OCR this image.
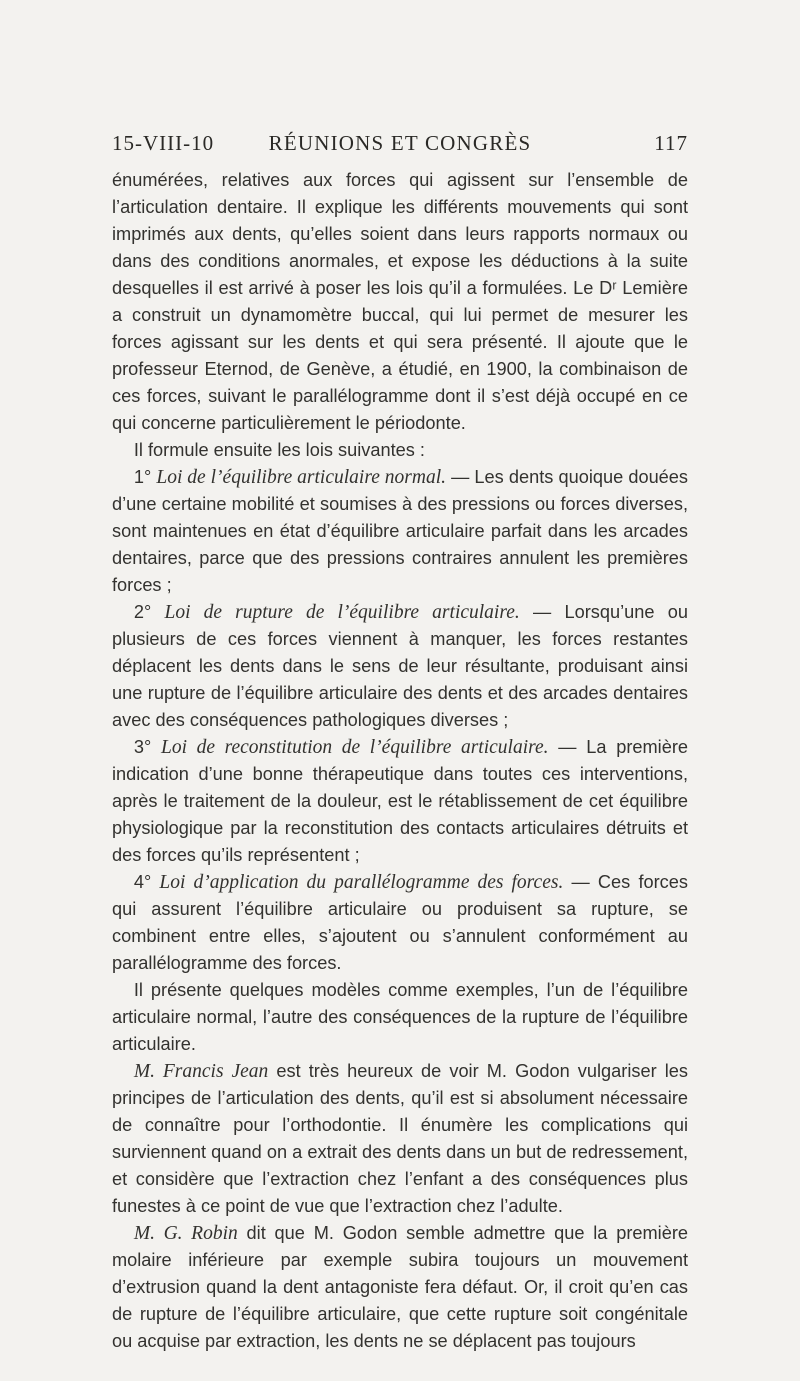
15-VIII-10	RÉUNIONS ET CONGRÈS	117

énumérées, relatives aux forces qui agissent sur l’ensemble de l’articulation dentaire. Il explique les différents mouvements qui sont imprimés aux dents, qu’elles soient dans leurs rapports normaux ou dans des conditions anormales, et expose les déductions à la suite desquelles il est arrivé à poser les lois qu’il a formulées. Le Dʳ Lemière a construit un dynamomètre buccal, qui lui permet de mesurer les forces agissant sur les dents et qui sera présenté. Il ajoute que le professeur Eternod, de Genève, a étudié, en 1900, la combinaison de ces forces, suivant le parallélogramme dont il s’est déjà occupé en ce qui concerne particulièrement le périodonte.

Il formule ensuite les lois suivantes :

1° Loi de l’équilibre articulaire normal. — Les dents quoique douées d’une certaine mobilité et soumises à des pressions ou forces diverses, sont maintenues en état d’équilibre articulaire parfait dans les arcades dentaires, parce que des pressions contraires annulent les premières forces ;

2° Loi de rupture de l’équilibre articulaire. — Lorsqu’une ou plusieurs de ces forces viennent à manquer, les forces restantes déplacent les dents dans le sens de leur résultante, produisant ainsi une rupture de l’équilibre articulaire des dents et des arcades dentaires avec des conséquences pathologiques diverses ;

3° Loi de reconstitution de l’équilibre articulaire. — La première indication d’une bonne thérapeutique dans toutes ces interventions, après le traitement de la douleur, est le rétablissement de cet équilibre physiologique par la reconstitution des contacts articulaires détruits et des forces qu’ils représentent ;

4° Loi d’application du parallélogramme des forces. — Ces forces qui assurent l’équilibre articulaire ou produisent sa rupture, se combinent entre elles, s’ajoutent ou s’annulent conformément au parallélogramme des forces.

Il présente quelques modèles comme exemples, l’un de l’équilibre articulaire normal, l’autre des conséquences de la rupture de l’équilibre articulaire.

M. Francis Jean est très heureux de voir M. Godon vulgariser les principes de l’articulation des dents, qu’il est si absolument nécessaire de connaître pour l’orthodontie. Il énumère les complications qui surviennent quand on a extrait des dents dans un but de redressement, et considère que l’extraction chez l’enfant a des conséquences plus funestes à ce point de vue que l’extraction chez l’adulte.

M. G. Robin dit que M. Godon semble admettre que la première molaire inférieure par exemple subira toujours un mouvement d’extrusion quand la dent antagoniste fera défaut. Or, il croit qu’en cas de rupture de l’équilibre articulaire, que cette rupture soit congénitale ou acquise par extraction, les dents ne se déplacent pas toujours
